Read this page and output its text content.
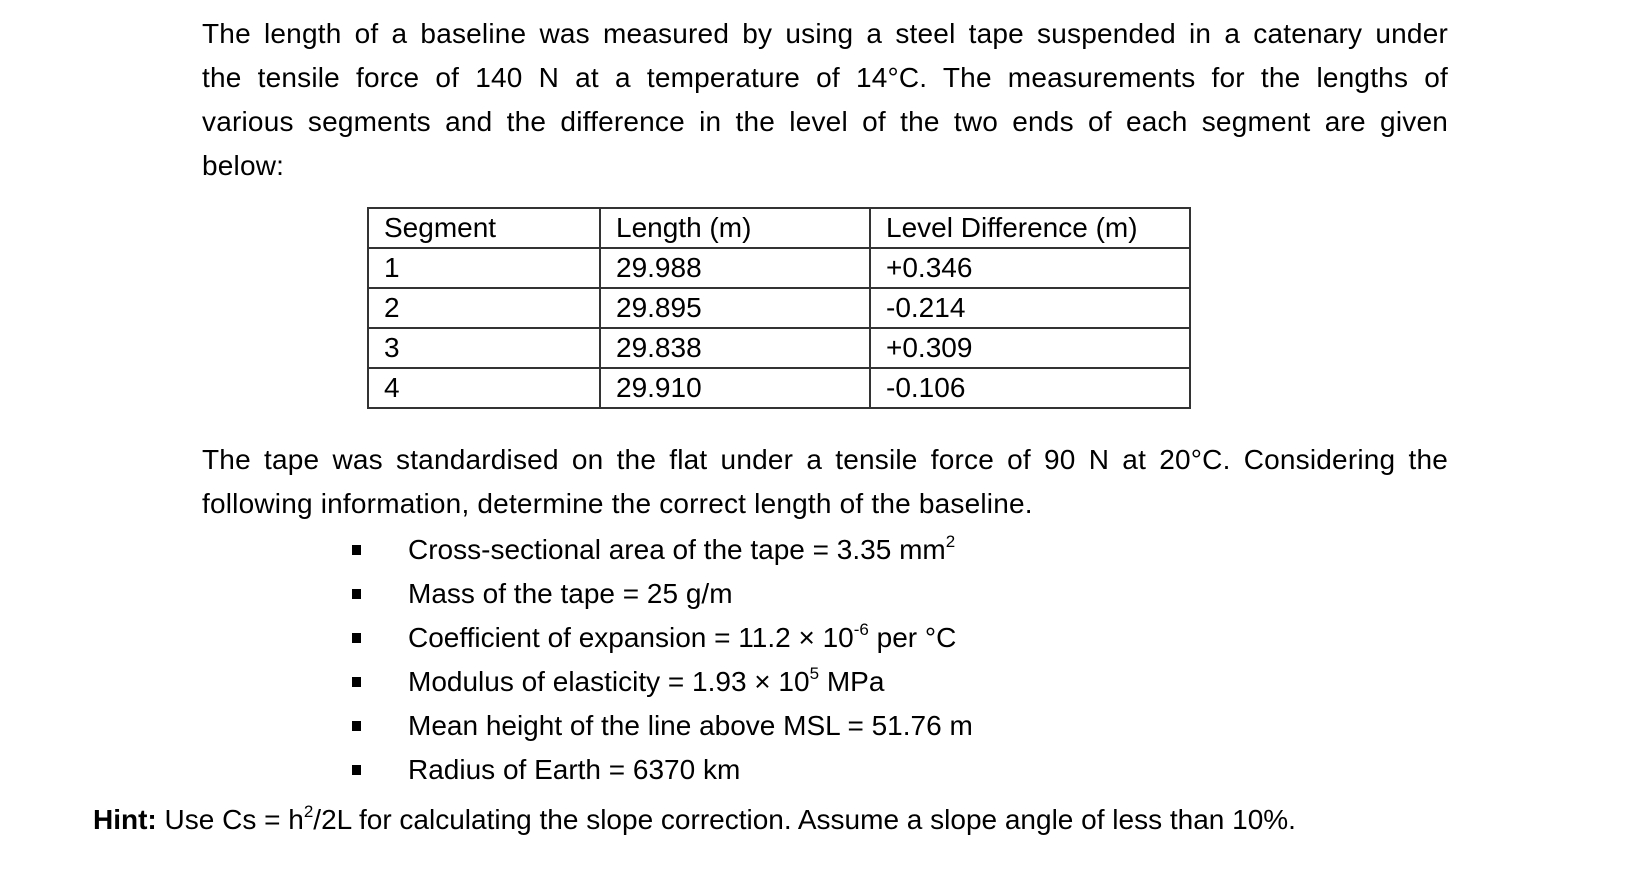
The length of a baseline was measured by using a steel tape suspended in a catenary under
the tensile force of 140 N at a temperature of 14°C. The measurements for the lengths of
various segments and the difference in the level of the two ends of each segment are given
below:
Segment	Length (m)	Level Difference (m)
1	29.988	+0.346
2	29.895	-0.214
3	29.838	+0.309
4	29.910	-0.106
The tape was standardised on the flat under a tensile force of 90 N at 20°C. Considering the
following information, determine the correct length of the baseline.
Cross-sectional area of the tape = 3.35 $mm^2$
Mass of the tape = 25 g/m
Coefficient of expansion = $11.2 \times 10^{-6}$ per °C
Modulus of elasticity = $1.93 \times 10^5$ MPa
Mean height of the line above MSL = 51.76 m
Radius of Earth = 6370 km
Hint: Use $Cs = h^2/2L$ for calculating the slope correction. Assume a slope angle of less than 10%.
